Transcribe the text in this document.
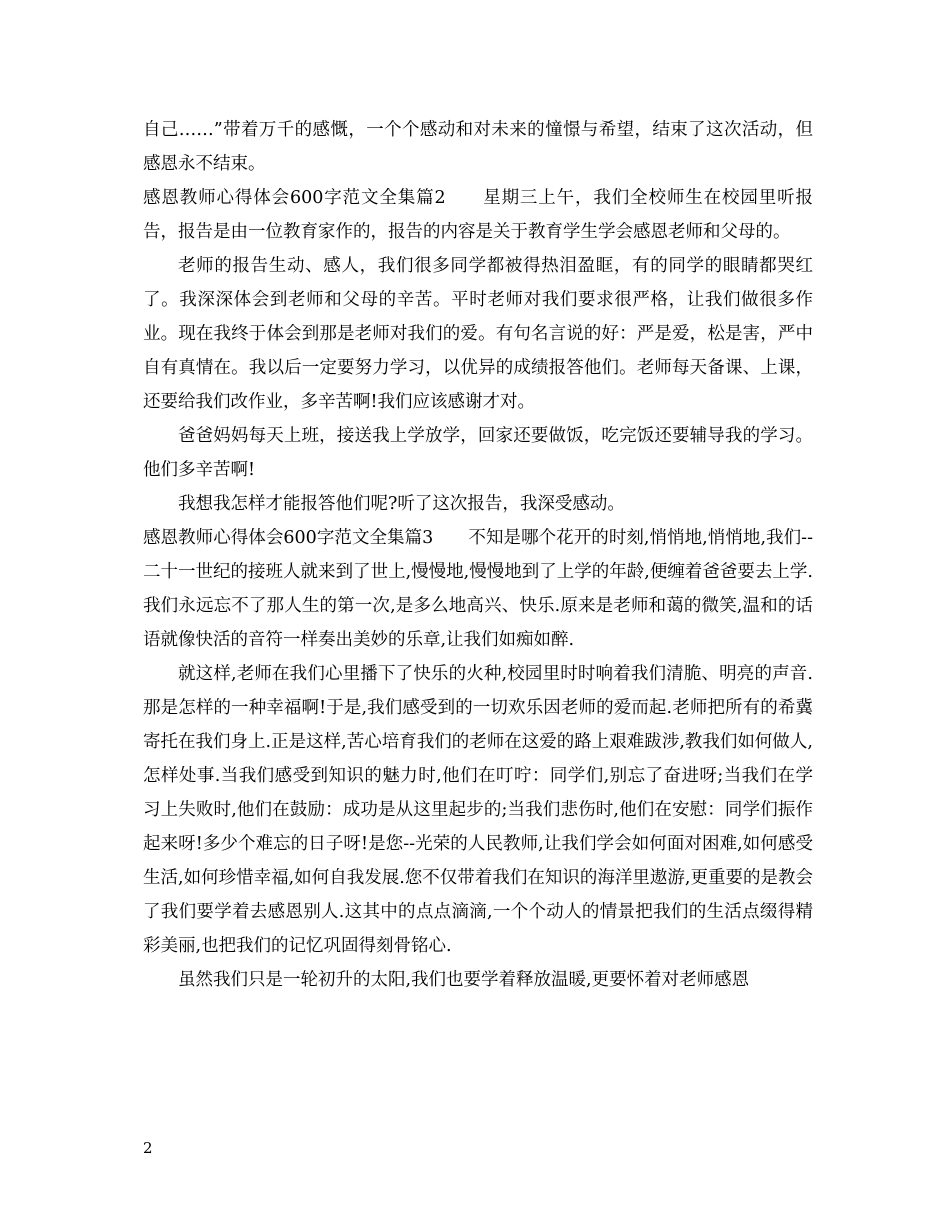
自己……”带着万千的感慨，一个个感动和对未来的憧憬与希望，结束了这次活动，但感恩永不结束。

感恩教师心得体会600字范文全集篇2　　星期三上午，我们全校师生在校园里听报告，报告是由一位教育家作的，报告的内容是关于教育学生学会感恩老师和父母的。

老师的报告生动、感人，我们很多同学都被得热泪盈眶，有的同学的眼睛都哭红了。我深深体会到老师和父母的辛苦。平时老师对我们要求很严格，让我们做很多作业。现在我终于体会到那是老师对我们的爱。有句名言说的好：严是爱，松是害，严中自有真情在。我以后一定要努力学习，以优异的成绩报答他们。老师每天备课、上课，还要给我们改作业，多辛苦啊!我们应该感谢才对。

爸爸妈妈每天上班，接送我上学放学，回家还要做饭，吃完饭还要辅导我的学习。他们多辛苦啊!

我想我怎样才能报答他们呢?听了这次报告，我深受感动。

感恩教师心得体会600字范文全集篇3　　不知是哪个花开的时刻,悄悄地,悄悄地,我们--二十一世纪的接班人就来到了世上,慢慢地,慢慢地到了上学的年龄,便缠着爸爸要去上学.我们永远忘不了那人生的第一次,是多么地高兴、快乐.原来是老师和蔼的微笑,温和的话语就像快活的音符一样奏出美妙的乐章,让我们如痴如醉.

就这样,老师在我们心里播下了快乐的火种,校园里时时响着我们清脆、明亮的声音.那是怎样的一种幸福啊!于是,我们感受到的一切欢乐因老师的爱而起.老师把所有的希冀寄托在我们身上.正是这样,苦心培育我们的老师在这爱的路上艰难跋涉,教我们如何做人,怎样处事.当我们感受到知识的魅力时,他们在叮咛：同学们,别忘了奋进呀;当我们在学习上失败时,他们在鼓励：成功是从这里起步的;当我们悲伤时,他们在安慰：同学们振作起来呀!多少个难忘的日子呀!是您--光荣的人民教师,让我们学会如何面对困难,如何感受生活,如何珍惜幸福,如何自我发展.您不仅带着我们在知识的海洋里遨游,更重要的是教会了我们要学着去感恩别人.这其中的点点滴滴,一个个动人的情景把我们的生活点缀得精彩美丽,也把我们的记忆巩固得刻骨铭心.

虽然我们只是一轮初升的太阳,我们也要学着释放温暖,更要怀着对老师感恩

2
